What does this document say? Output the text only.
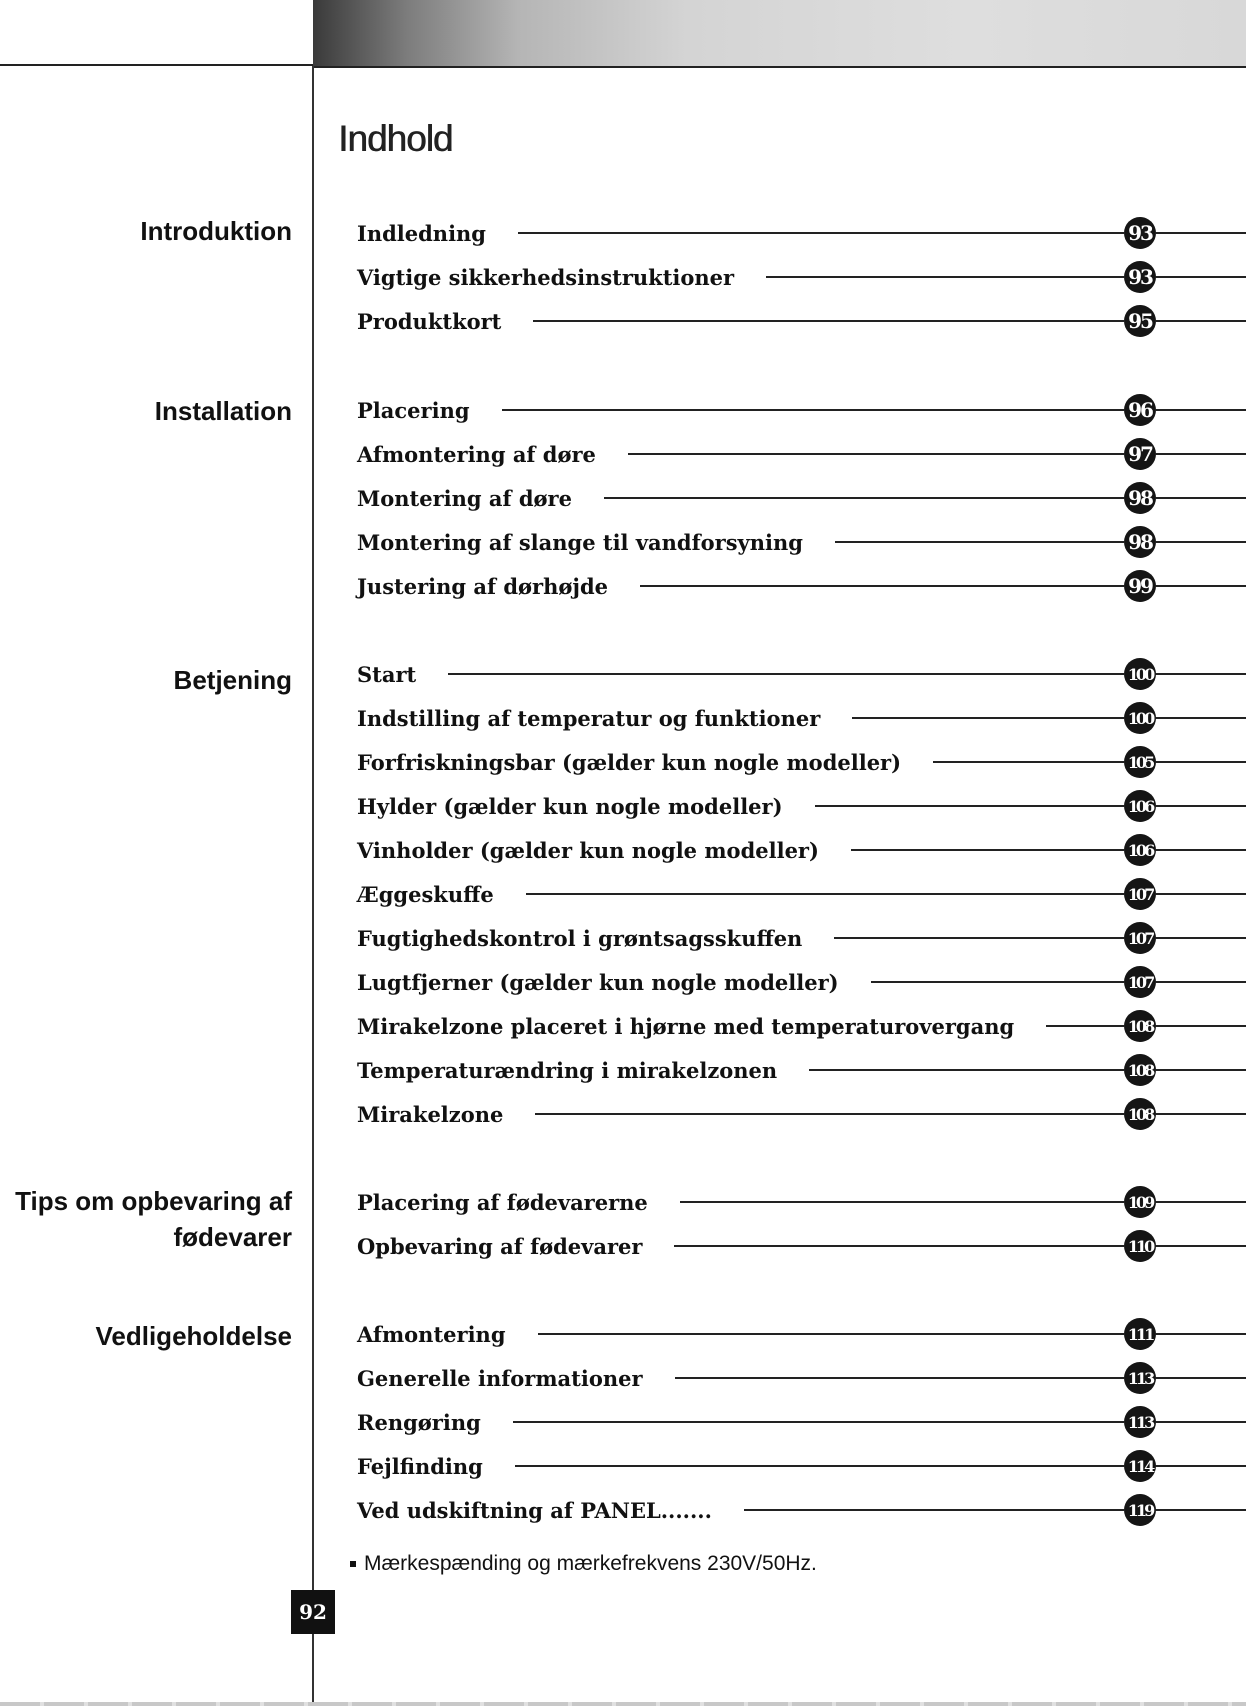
Indhold
Introduktion
Installation
Betjening
Tips om opbevaring af fødevarer
Vedligeholdelse
Indledning	93
Vigtige sikkerhedsinstruktioner	93
Produktkort	95
Placering	96
Afmontering af døre	97
Montering af døre	98
Montering af slange til vandforsyning	98
Justering af dørhøjde	99
Start	100
Indstilling af temperatur og funktioner	100
Forfriskningsbar (gælder kun nogle modeller)	105
Hylder (gælder kun nogle modeller)	106
Vinholder (gælder kun nogle modeller)	106
Æggeskuffe	107
Fugtighedskontrol i grøntsagsskuffen	107
Lugtfjerner (gælder kun nogle modeller)	107
Mirakelzone placeret i hjørne med temperaturovergang	108
Temperaturændring i mirakelzonen	108
Mirakelzone	108
Placering af fødevarerne	109
Opbevaring af fødevarer	110
Afmontering	111
Generelle informationer	113
Rengøring	113
Fejlfinding	114
Ved udskiftning af PANEL.......	119
Mærkespænding og mærkefrekvens 230V/50Hz.
92
